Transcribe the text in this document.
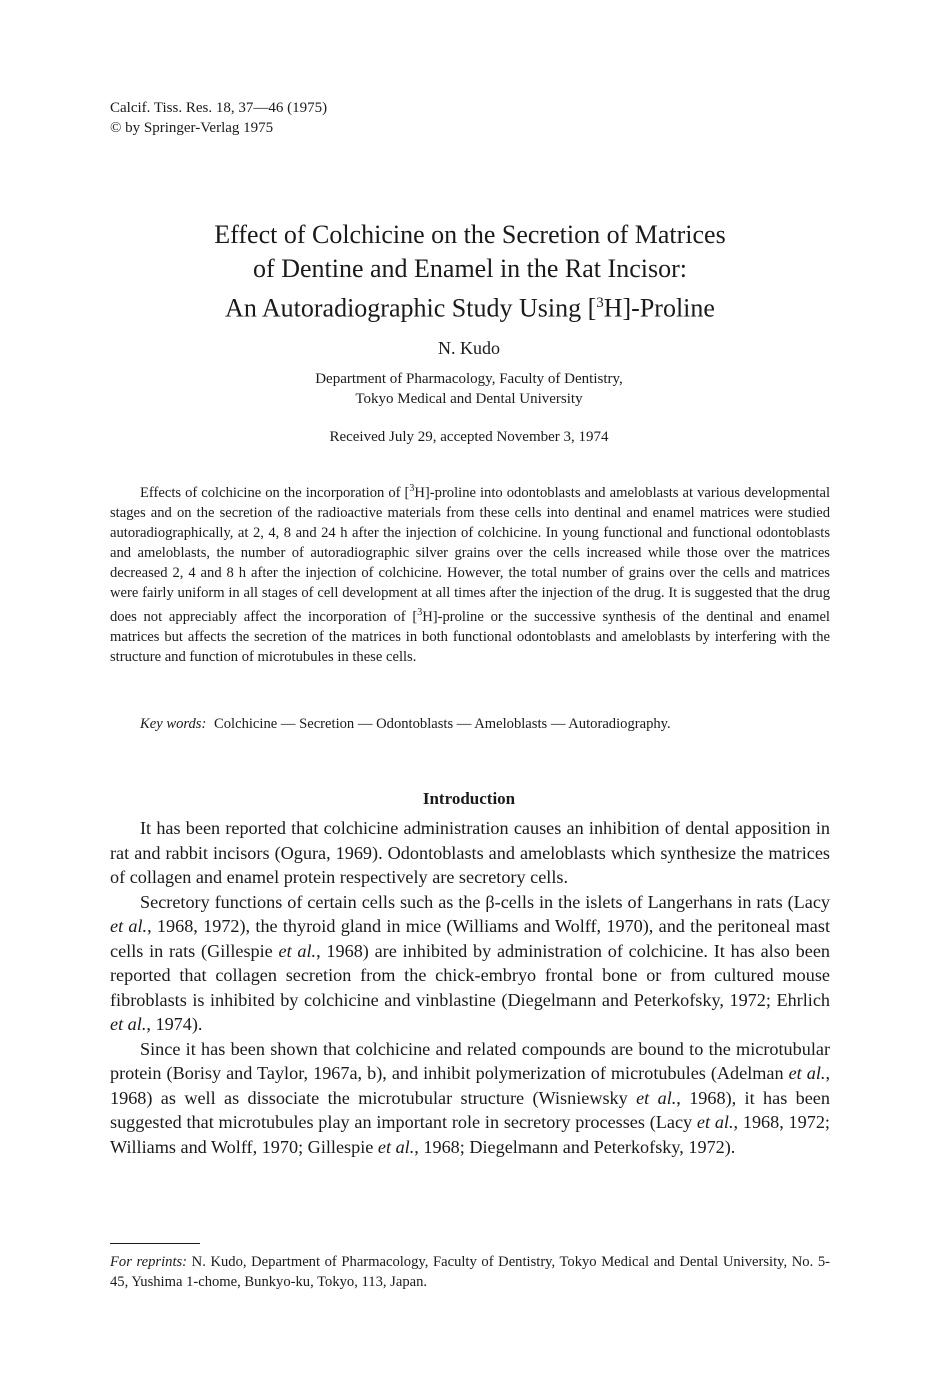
Calcif. Tiss. Res. 18, 37—46 (1975)
© by Springer-Verlag 1975
Effect of Colchicine on the Secretion of Matrices
of Dentine and Enamel in the Rat Incisor:
An Autoradiographic Study Using [$^3$H]-Proline
N. Kudo
Department of Pharmacology, Faculty of Dentistry,
Tokyo Medical and Dental University
Received July 29, accepted November 3, 1974

Effects of colchicine on the incorporation of [$^3$H]-proline into odontoblasts and ameloblasts at various developmental stages and on the secretion of the radioactive materials from these cells into dentinal and enamel matrices were studied autoradiographically, at 2, 4, 8 and 24 h after the injection of colchicine. In young functional and functional odontoblasts and ameloblasts, the number of autoradiographic silver grains over the cells increased while those over the matrices decreased 2, 4 and 8 h after the injection of colchicine. However, the total number of grains over the cells and matrices were fairly uniform in all stages of cell development at all times after the injection of the drug. It is suggested that the drug does not appreciably affect the incorporation of [$^3$H]-proline or the successive synthesis of the dentinal and enamel matrices but affects the secretion of the matrices in both functional odontoblasts and ameloblasts by interfering with the structure and function of microtubules in these cells.

Key words: Colchicine — Secretion — Odontoblasts — Ameloblasts — Autoradiography.
Introduction

It has been reported that colchicine administration causes an inhibition of dental apposition in rat and rabbit incisors (Ogura, 1969). Odontoblasts and ameloblasts which synthesize the matrices of collagen and enamel protein respectively are secretory cells.

Secretory functions of certain cells such as the β-cells in the islets of Langerhans in rats (Lacy et al., 1968, 1972), the thyroid gland in mice (Williams and Wolff, 1970), and the peritoneal mast cells in rats (Gillespie et al., 1968) are inhibited by administration of colchicine. It has also been reported that collagen secretion from the chick-embryo frontal bone or from cultured mouse fibroblasts is inhibited by colchicine and vinblastine (Diegelmann and Peterkofsky, 1972; Ehrlich et al., 1974).

Since it has been shown that colchicine and related compounds are bound to the microtubular protein (Borisy and Taylor, 1967a, b), and inhibit polymerization of microtubules (Adelman et al., 1968) as well as dissociate the microtubular structure (Wisniewsky et al., 1968), it has been suggested that microtubules play an important role in secretory processes (Lacy et al., 1968, 1972; Williams and Wolff, 1970; Gillespie et al., 1968; Diegelmann and Peterkofsky, 1972).

For reprints: N. Kudo, Department of Pharmacology, Faculty of Dentistry, Tokyo Medical and Dental University, No. 5-45, Yushima 1-chome, Bunkyo-ku, Tokyo, 113, Japan.
